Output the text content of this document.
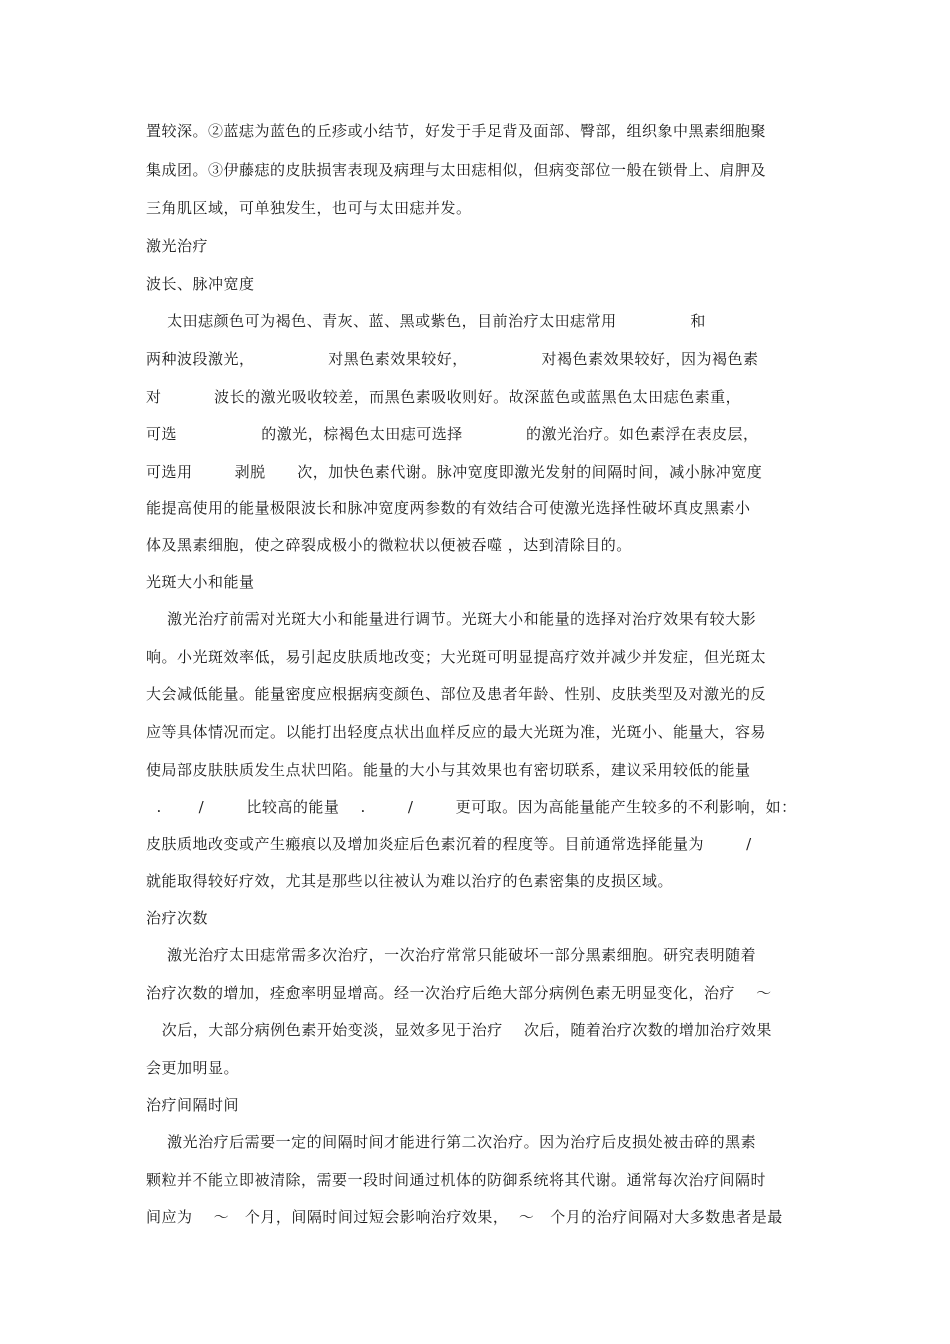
置较深。②蓝痣为蓝色的丘疹或小结节，好发于手足背及面部、臀部，组织象中黑素细胞聚
集成团。③伊藤痣的皮肤损害表现及病理与太田痣相似，但病变部位一般在锁骨上、肩胛及
三角肌区域，可单独发生，也可与太田痣并发。
激光治疗
波长、脉冲宽度
太田痣颜色可为褐色、青灰、蓝、黑或紫色，目前治疗太田痣常用              和
两种波段激光，              对黑色素效果较好，              对褐色素效果较好，因为褐色素
对          波长的激光吸收较差，而黑色素吸收则好。故深蓝色或蓝黑色太田痣色素重，
可选                的激光，棕褐色太田痣可选择            的激光治疗。如色素浮在表皮层，
可选用        剥脱      次，加快色素代谢。脉冲宽度即激光发射的间隔时间，减小脉冲宽度
能提高使用的能量极限波长和脉冲宽度两参数的有效结合可使激光选择性破坏真皮黑素小
体及黑素细胞，使之碎裂成极小的微粒状以便被吞噬 ，达到清除目的。
光斑大小和能量
激光治疗前需对光斑大小和能量进行调节。光斑大小和能量的选择对治疗效果有较大影
响。小光斑效率低，易引起皮肤质地改变；大光斑可明显提高疗效并减少并发症，但光斑太
大会减低能量。能量密度应根据病变颜色、部位及患者年龄、性别、皮肤类型及对激光的反
应等具体情况而定。以能打出轻度点状出血样反应的最大光斑为准，光斑小、能量大，容易
使局部皮肤肤质发生点状凹陷。能量的大小与其效果也有密切联系，建议采用较低的能量
.       /        比较高的能量    .        /        更可取。因为高能量能产生较多的不利影响，如：
皮肤质地改变或产生瘢痕以及增加炎症后色素沉着的程度等。目前通常选择能量为        /
就能取得较好疗效，尤其是那些以往被认为难以治疗的色素密集的皮损区域。
治疗次数
激光治疗太田痣常需多次治疗，一次治疗常常只能破坏一部分黑素细胞。研究表明随着
治疗次数的增加，痊愈率明显增高。经一次治疗后绝大部分病例色素无明显变化，治疗    ～
次后，大部分病例色素开始变淡，显效多见于治疗    次后，随着治疗次数的增加治疗效果
会更加明显。
治疗间隔时间
激光治疗后需要一定的间隔时间才能进行第二次治疗。因为治疗后皮损处被击碎的黑素
颗粒并不能立即被清除，需要一段时间通过机体的防御系统将其代谢。通常每次治疗间隔时
间应为    ～   个月，间隔时间过短会影响治疗效果，  ～   个月的治疗间隔对大多数患者是最
